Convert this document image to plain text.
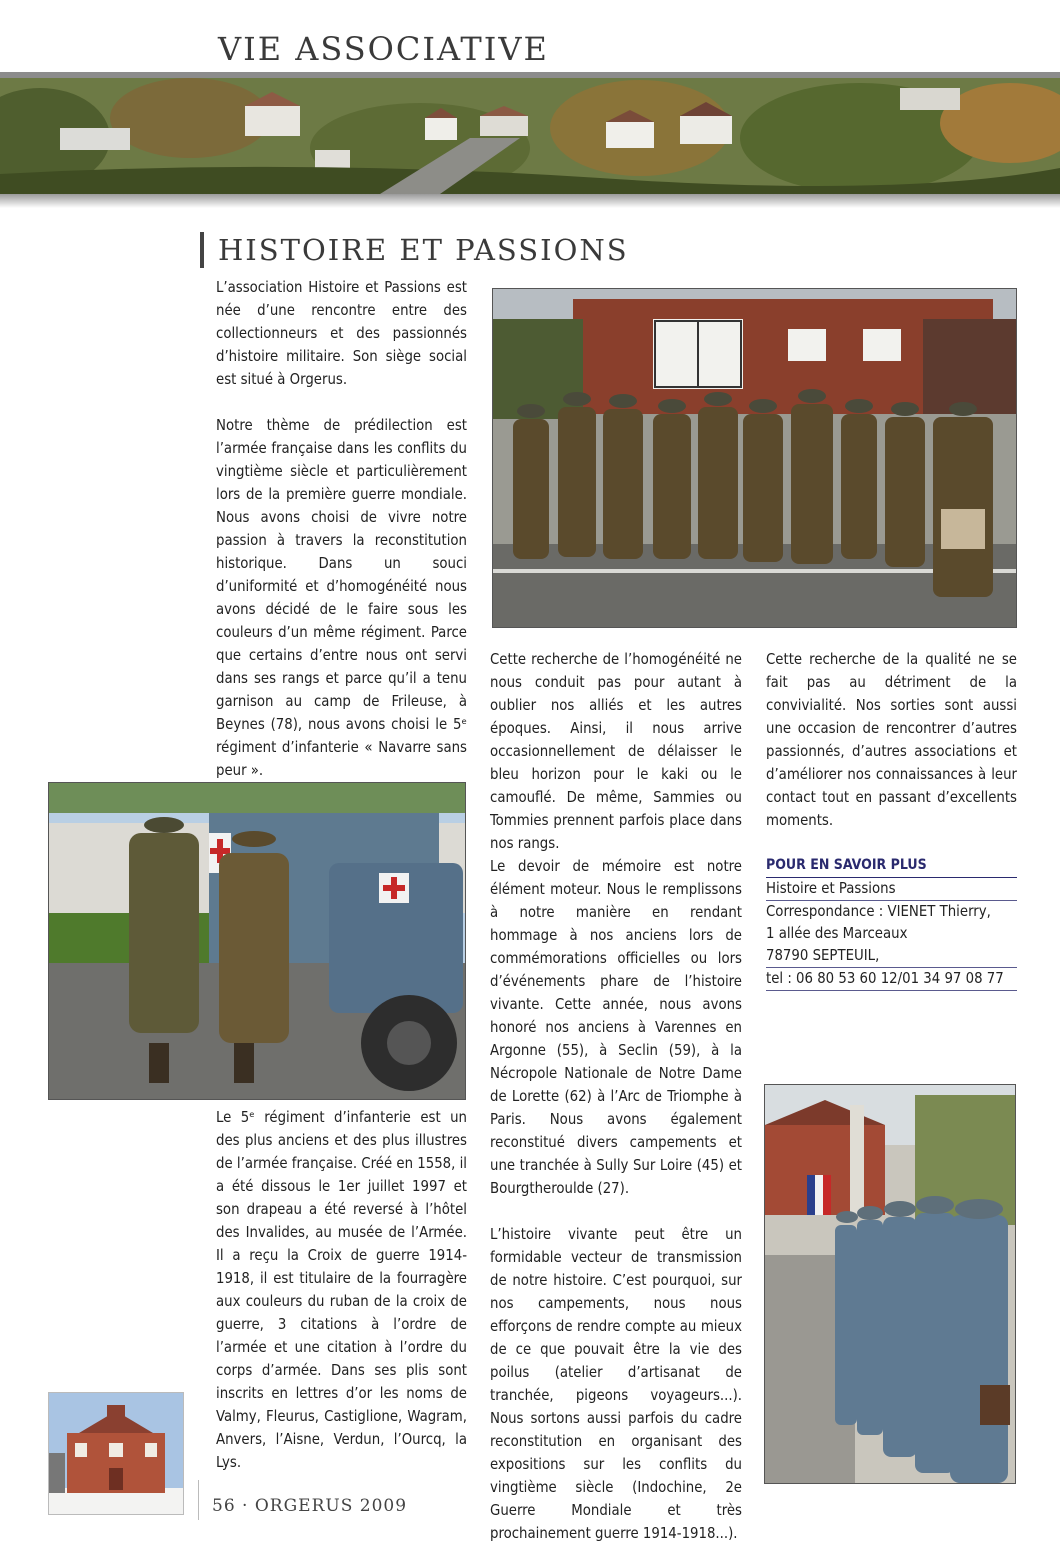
VIE ASSOCIATIVE
HISTOIRE ET PASSIONS

L’association Histoire et Passions est née d’une rencontre entre des collectionneurs et des passionnés d’histoire militaire. Son siège social est situé à Orgerus.

Notre thème de prédilection est l’armée française dans les conflits du vingtième siècle et particulièrement lors de la première guerre mondiale. Nous avons choisi de vivre notre passion à travers la reconstitution historique. Dans un souci d’uniformité et d’homogénéité nous avons décidé de le faire sous les couleurs d’un même régiment. Parce que certains d’entre nous ont servi dans ses rangs et parce qu’il a tenu garnison au camp de Frileuse, à Beynes (78), nous avons choisi le 5ᵉ régiment d’infanterie « Navarre sans peur ».

Cette recherche de l’homogénéité ne nous conduit pas pour autant à oublier nos alliés et les autres époques. Ainsi, il nous arrive occasionnellement de délaisser le bleu horizon pour le kaki ou le camouflé. De même, Sammies ou Tommies prennent parfois place dans nos rangs.

Le devoir de mémoire est notre élément moteur. Nous le remplissons à notre manière en rendant hommage à nos anciens lors de commémorations officielles ou lors d’événements phare de l’histoire vivante. Cette année, nous avons honoré nos anciens à Varennes en Argonne (55), à Seclin (59), à la Nécropole Nationale de Notre Dame de Lorette (62) à l’Arc de Triomphe à Paris. Nous avons également reconstitué divers campements et une tranchée à Sully Sur Loire (45) et Bourgtheroulde (27).

L’histoire vivante peut être un formidable vecteur de transmission de notre histoire. C’est pourquoi, sur nos campements, nous nous efforçons de rendre compte au mieux de ce que pouvait être la vie des poilus (atelier d’artisanat de tranchée, pigeons voyageurs...). Nous sortons aussi parfois du cadre reconstitution en organisant des expositions sur les conflits du vingtième siècle (Indochine, 2e Guerre Mondiale et très prochainement guerre 1914-1918...).

Cette recherche de la qualité ne se fait pas au détriment de la convivialité. Nos sorties sont aussi une occasion de rencontrer d’autres passionnés, d’autres associations et d’améliorer nos connaissances à leur contact tout en passant d’excellents moments.

POUR EN SAVOIR PLUS
Histoire et Passions
Correspondance : VIENET Thierry,
1 allée des Marceaux
78790 SEPTEUIL,
tel : 06 80 53 60 12/01 34 97 08 77

Le 5ᵉ régiment d’infanterie est un des plus anciens et des plus illustres de l’armée française. Créé en 1558, il a été dissous le 1er juillet 1997 et son drapeau a été reversé à l’hôtel des Invalides, au musée de l’Armée. Il a reçu la Croix de guerre 1914-1918, il est titulaire de la fourragère aux couleurs du ruban de la croix de guerre, 3 citations à l’ordre de l’armée et une citation à l’ordre du corps d’armée. Dans ses plis sont inscrits en lettres d’or les noms de Valmy, Fleurus, Castiglione, Wagram, Anvers, l’Aisne, Verdun, l’Ourcq, la Lys.

56 · ORGERUS 2009
